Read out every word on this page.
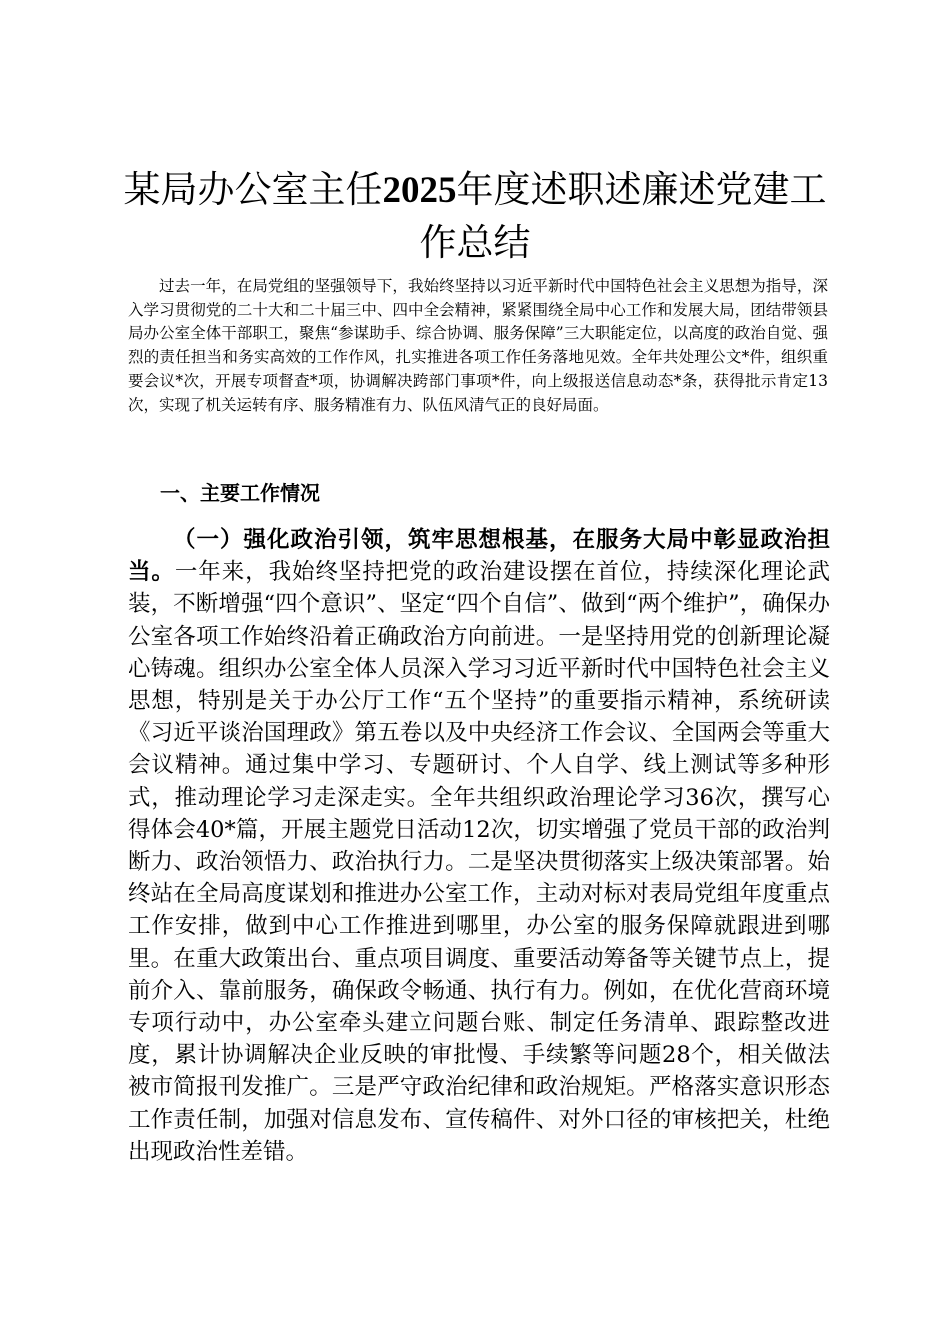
某局办公室主任2025年度述职述廉述党建工作总结

过去一年，在局党组的坚强领导下，我始终坚持以习近平新时代中国特色社会主义思想为指导，深入学习贯彻党的二十大和二十届三中、四中全会精神，紧紧围绕全局中心工作和发展大局，团结带领县局办公室全体干部职工，聚焦“参谋助手、综合协调、服务保障”三大职能定位，以高度的政治自觉、强烈的责任担当和务实高效的工作作风，扎实推进各项工作任务落地见效。全年共处理公文*件，组织重要会议*次，开展专项督查*项，协调解决跨部门事项*件，向上级报送信息动态*条，获得批示肯定13次，实现了机关运转有序、服务精准有力、队伍风清气正的良好局面。

一、主要工作情况

（一）强化政治引领，筑牢思想根基，在服务大局中彰显政治担当。一年来，我始终坚持把党的政治建设摆在首位，持续深化理论武装，不断增强“四个意识”、坚定“四个自信”、做到“两个维护”，确保办公室各项工作始终沿着正确政治方向前进。一是坚持用党的创新理论凝心铸魂。组织办公室全体人员深入学习习近平新时代中国特色社会主义思想，特别是关于办公厅工作“五个坚持”的重要指示精神，系统研读《习近平谈治国理政》第五卷以及中央经济工作会议、全国两会等重大会议精神。通过集中学习、专题研讨、个人自学、线上测试等多种形式，推动理论学习走深走实。全年共组织政治理论学习36次，撰写心得体会40*篇，开展主题党日活动12次，切实增强了党员干部的政治判断力、政治领悟力、政治执行力。二是坚决贯彻落实上级决策部署。始终站在全局高度谋划和推进办公室工作，主动对标对表局党组年度重点工作安排，做到中心工作推进到哪里，办公室的服务保障就跟进到哪里。在重大政策出台、重点项目调度、重要活动筹备等关键节点上，提前介入、靠前服务，确保政令畅通、执行有力。例如，在优化营商环境专项行动中，办公室牵头建立问题台账、制定任务清单、跟踪整改进度，累计协调解决企业反映的审批慢、手续繁等问题28个，相关做法被市简报刊发推广。三是严守政治纪律和政治规矩。严格落实意识形态工作责任制，加强对信息发布、宣传稿件、对外口径的审核把关，杜绝出现政治性差错。
